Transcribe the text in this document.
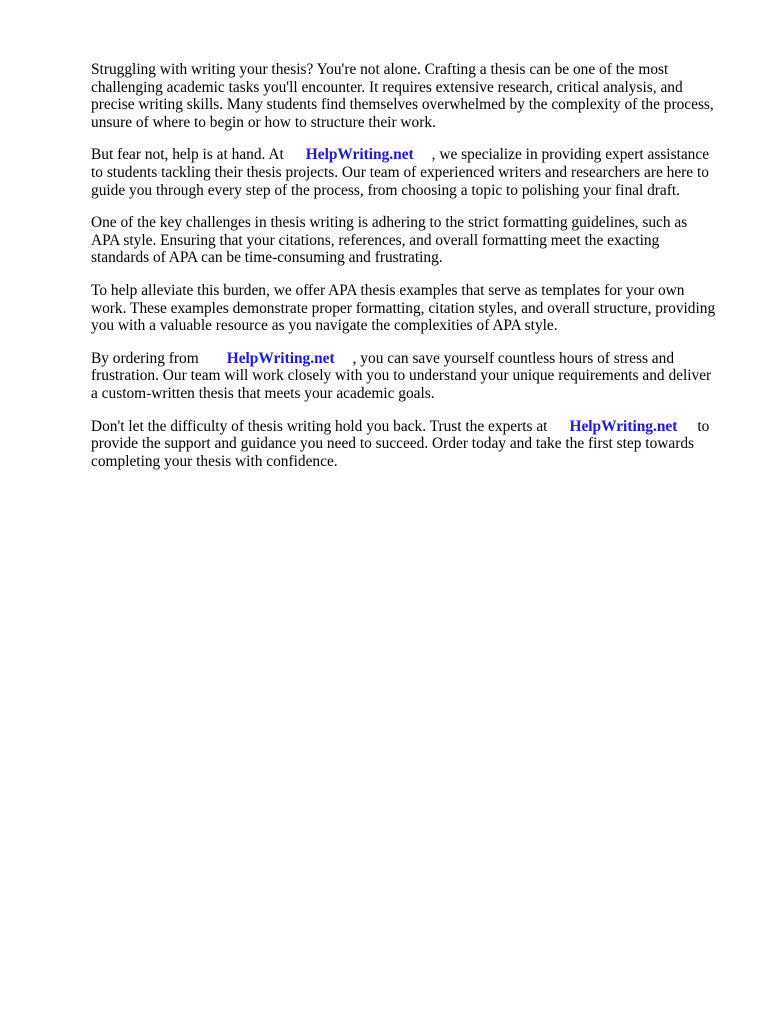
Struggling with writing your thesis? You're not alone. Crafting a thesis can be one of the most
challenging academic tasks you'll encounter. It requires extensive research, critical analysis, and
precise writing skills. Many students find themselves overwhelmed by the complexity of the process,
unsure of where to begin or how to structure their work.

But fear not, help is at hand. At HelpWriting.net , we specialize in providing expert assistance
to students tackling their thesis projects. Our team of experienced writers and researchers are here to
guide you through every step of the process, from choosing a topic to polishing your final draft.

One of the key challenges in thesis writing is adhering to the strict formatting guidelines, such as
APA style. Ensuring that your citations, references, and overall formatting meet the exacting
standards of APA can be time-consuming and frustrating.

To help alleviate this burden, we offer APA thesis examples that serve as templates for your own
work. These examples demonstrate proper formatting, citation styles, and overall structure, providing
you with a valuable resource as you navigate the complexities of APA style.

By ordering from HelpWriting.net , you can save yourself countless hours of stress and
frustration. Our team will work closely with you to understand your unique requirements and deliver
a custom-written thesis that meets your academic goals.

Don't let the difficulty of thesis writing hold you back. Trust the experts at HelpWriting.net to
provide the support and guidance you need to succeed. Order today and take the first step towards
completing your thesis with confidence.
